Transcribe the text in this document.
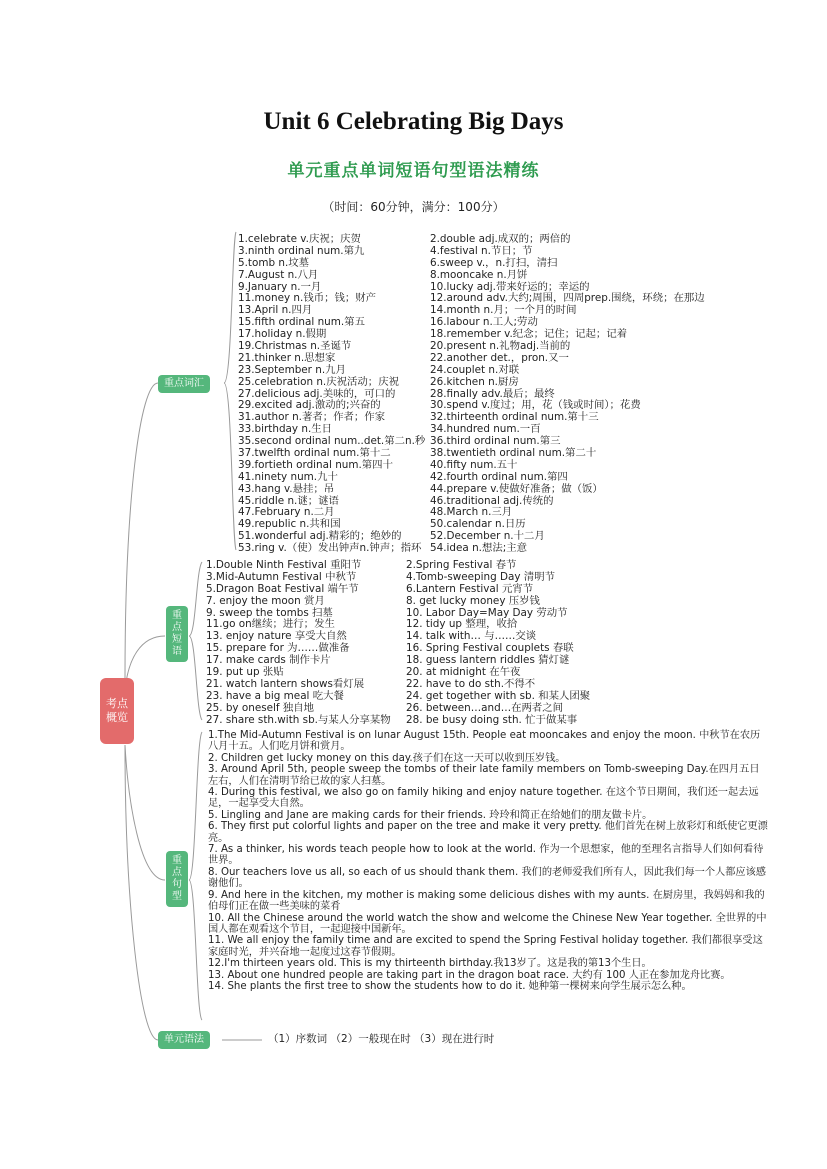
Unit 6 Celebrating Big Days
单元重点单词短语句型语法精练
（时间：60分钟，满分：100分）
考点概览
重点词汇
重点短语
重点句型
单元语法
1.celebrate v.庆祝；庆贺
3.ninth ordinal num.第九
5.tomb n.坟墓
7.August n.八月
9.January n.一月
11.money n.钱币；钱；财产
13.April n.四月
15.fifth ordinal num.第五
17.holiday n.假期
19.Christmas n.圣诞节
21.thinker n.思想家
23.September n.九月
25.celebration n.庆祝活动；庆祝
27.delicious adj.美味的，可口的
29.excited adj.激动的;兴奋的
31.author n.著者；作者；作家
33.birthday n.生日
35.second ordinal num..det.第二n.秒
37.twelfth ordinal num.第十二
39.fortieth ordinal num.第四十
41.ninety num.九十
43.hang v.悬挂；吊
45.riddle n.谜；谜语
47.February n.二月
49.republic n.共和国
51.wonderful adj.精彩的；绝妙的
53.ring v.（使）发出钟声n.钟声；指环
2.double adj.成双的；两倍的
4.festival n.节日；节
6.sweep v.，n.打扫，清扫
8.mooncake n.月饼
10.lucky adj.带来好运的；幸运的
12.around adv.大约;周围，四周prep.围绕，环绕；在那边
14.month n.月；一个月的时间
16.labour n.工人;劳动
18.remember v.纪念；记住；记起；记着
20.present n.礼物adj.当前的
22.another det.，pron.又一
24.couplet n.对联
26.kitchen n.厨房
28.finally adv.最后；最终
30.spend v.度过；用，花（钱或时间）；花费
32.thirteenth ordinal num.第十三
34.hundred num.一百
36.third ordinal num.第三
38.twentieth ordinal num.第二十
40.fifty num.五十
42.fourth ordinal num.第四
44.prepare v.使做好准备；做（饭）
46.traditional adj.传统的
48.March n.三月
50.calendar n.日历
52.December n.十二月
54.idea n.想法;主意
1.Double Ninth Festival 重阳节
3.Mid-Autumn Festival 中秋节
5.Dragon Boat Festival 端午节
7. enjoy the moon 赏月
9. sweep the tombs 扫墓
11.go on继续；进行；发生
13. enjoy nature 享受大自然
15. prepare for 为……做准备
17. make cards 制作卡片
19. put up 张贴
21. watch lantern shows看灯展
23. have a big meal 吃大餐
25. by oneself 独自地
27. share sth.with sb.与某人分享某物
2.Spring Festival 春节
4.Tomb-sweeping Day 清明节
6.Lantern Festival 元宵节
8. get lucky money 压岁钱
10. Labor Day=May Day 劳动节
12. tidy up 整理，收拾
14. talk with… 与……交谈
16. Spring Festival couplets 春联
18. guess lantern riddles 猜灯谜
20. at midnight 在午夜
22. have to do sth.不得不
24. get together with sb. 和某人团聚
26. between…and…在两者之间
28. be busy doing sth. 忙于做某事

1.The Mid-Autumn Festival is on lunar August 15th. People eat mooncakes and enjoy the moon. 中秋节在农历八月十五。人们吃月饼和赏月。

2. Children get lucky money on this day.孩子们在这一天可以收到压岁钱。

3. Around April 5th, people sweep the tombs of their late family members on Tomb-sweeping Day.在四月五日左右，人们在清明节给已故的家人扫墓。

4. During this festival, we also go on family hiking and enjoy nature together. 在这个节日期间，我们还一起去远足，一起享受大自然。

5. Lingling and Jane are making cards for their friends. 玲玲和简正在给她们的朋友做卡片。

6. They first put colorful lights and paper on the tree and make it very pretty. 他们首先在树上放彩灯和纸使它更漂亮。

7. As a thinker, his words teach people how to look at the world. 作为一个思想家，他的至理名言指导人们如何看待世界。

8. Our teachers love us all, so each of us should thank them. 我们的老师爱我们所有人，因此我们每一个人都应该感谢他们。

9. And here in the kitchen, my mother is making some delicious dishes with my aunts. 在厨房里，我妈妈和我的伯母们正在做一些美味的菜肴

10. All the Chinese around the world watch the show and welcome the Chinese New Year together. 全世界的中国人都在观看这个节目，一起迎接中国新年。

11. We all enjoy the family time and are excited to spend the Spring Festival holiday together. 我们都很享受这家庭时光，并兴奋地一起度过这春节假期。

12.I'm thirteen years old. This is my thirteenth birthday.我13岁了。这是我的第13个生日。

13. About one hundred people are taking part in the dragon boat race. 大约有 100 人正在参加龙舟比赛。

14. She plants the first tree to show the students how to do it. 她种第一棵树来向学生展示怎么种。

（1）序数词 （2）一般现在时 （3）现在进行时
